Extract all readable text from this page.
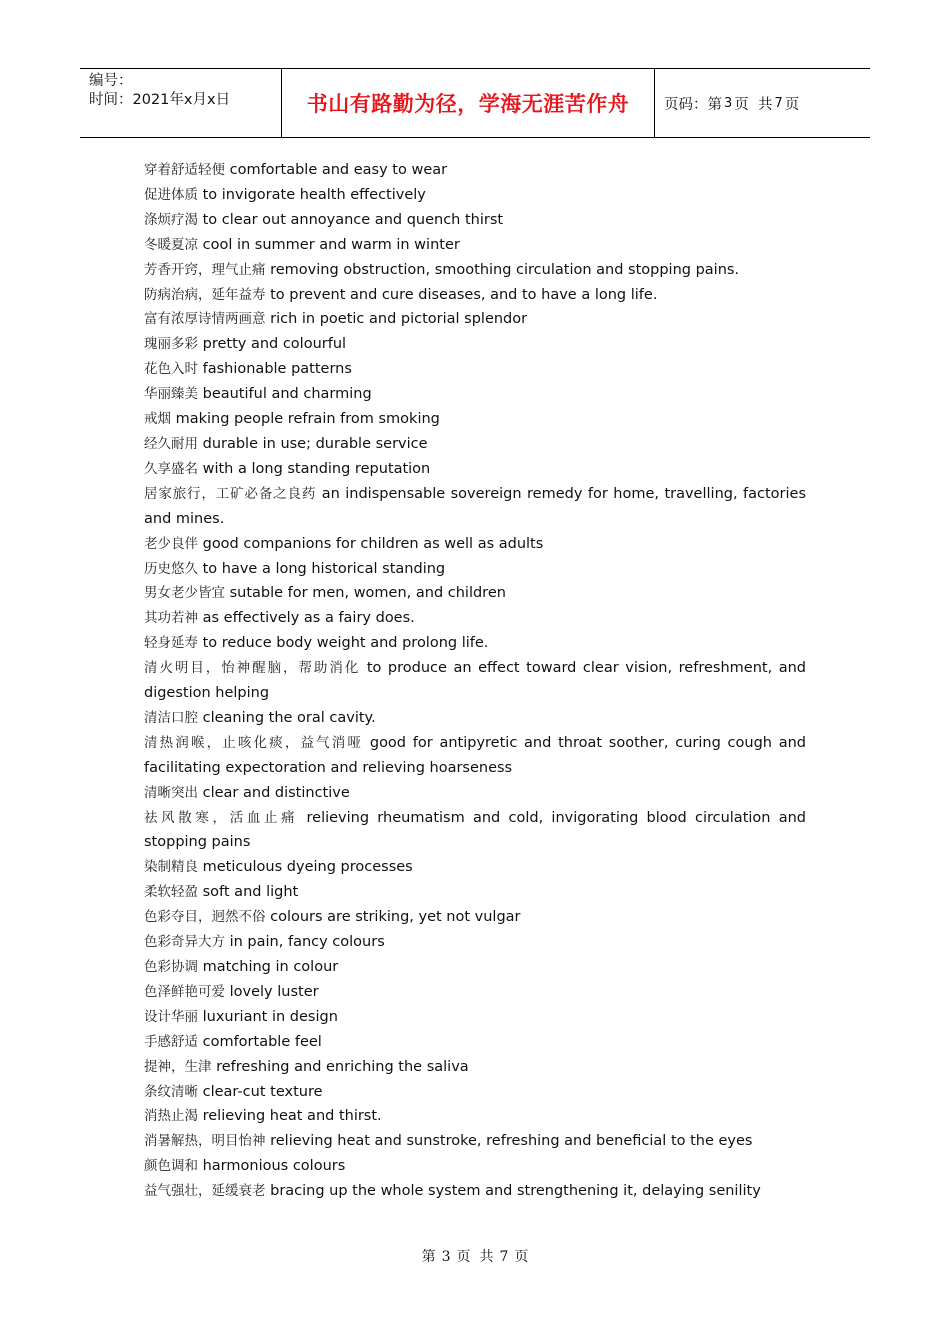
编号：
时间：2021年x月x日	书山有路勤为径，学海无涯苦作舟 页码：第 3 页  共 7 页
穿着舒适轻便 comfortable and easy to wear
促进体质 to invigorate health effectively
涤烦疗渴 to clear out annoyance and quench thirst
冬暖夏凉 cool in summer and warm in winter
芳香开窍，理气止痛 removing obstruction, smoothing circulation and stopping pains.
防病治病，延年益寿 to prevent and cure diseases, and to have a long life.
富有浓厚诗情两画意 rich in poetic and pictorial splendor
瑰丽多彩 pretty and colourful
花色入时 fashionable patterns
华丽臻美 beautiful and charming
戒烟 making people refrain from smoking
经久耐用 durable in use; durable service
久享盛名 with a long standing reputation
居家旅行，工矿必备之良药 an indispensable sovereign remedy for home, travelling, factories and mines.
老少良伴 good companions for children as well as adults
历史悠久 to have a long historical standing
男女老少皆宜 sutable for men, women, and children
其功若神 as effectively as a fairy does.
轻身延寿 to reduce body weight and prolong life.
清火明目，怡神醒脑，帮助消化 to produce an effect toward clear vision, refreshment, and digestion helping
清洁口腔 cleaning the oral cavity.
清热润喉，止咳化痰，益气消哑 good for antipyretic and throat soother, curing cough and facilitating expectoration and relieving hoarseness
清晰突出 clear and distinctive
祛风散寒，活血止痛 relieving rheumatism and cold, invigorating blood circulation and stopping pains
染制精良 meticulous dyeing processes
柔软轻盈 soft and light
色彩夺目，迥然不俗 colours are striking, yet not vulgar
色彩奇异大方 in pain, fancy colours
色彩协调 matching in colour
色泽鲜艳可爱 lovely luster
设计华丽 luxuriant in design
手感舒适 comfortable feel
提神，生津 refreshing and enriching the saliva
条纹清晰 clear-cut texture
消热止渴 relieving heat and thirst.
消暑解热，明目怡神 relieving heat and sunstroke, refreshing and beneficial to the eyes
颜色调和 harmonious colours
益气强壮，延缓衰老 bracing up the whole system and strengthening it, delaying senility
第 3 页  共 7 页
